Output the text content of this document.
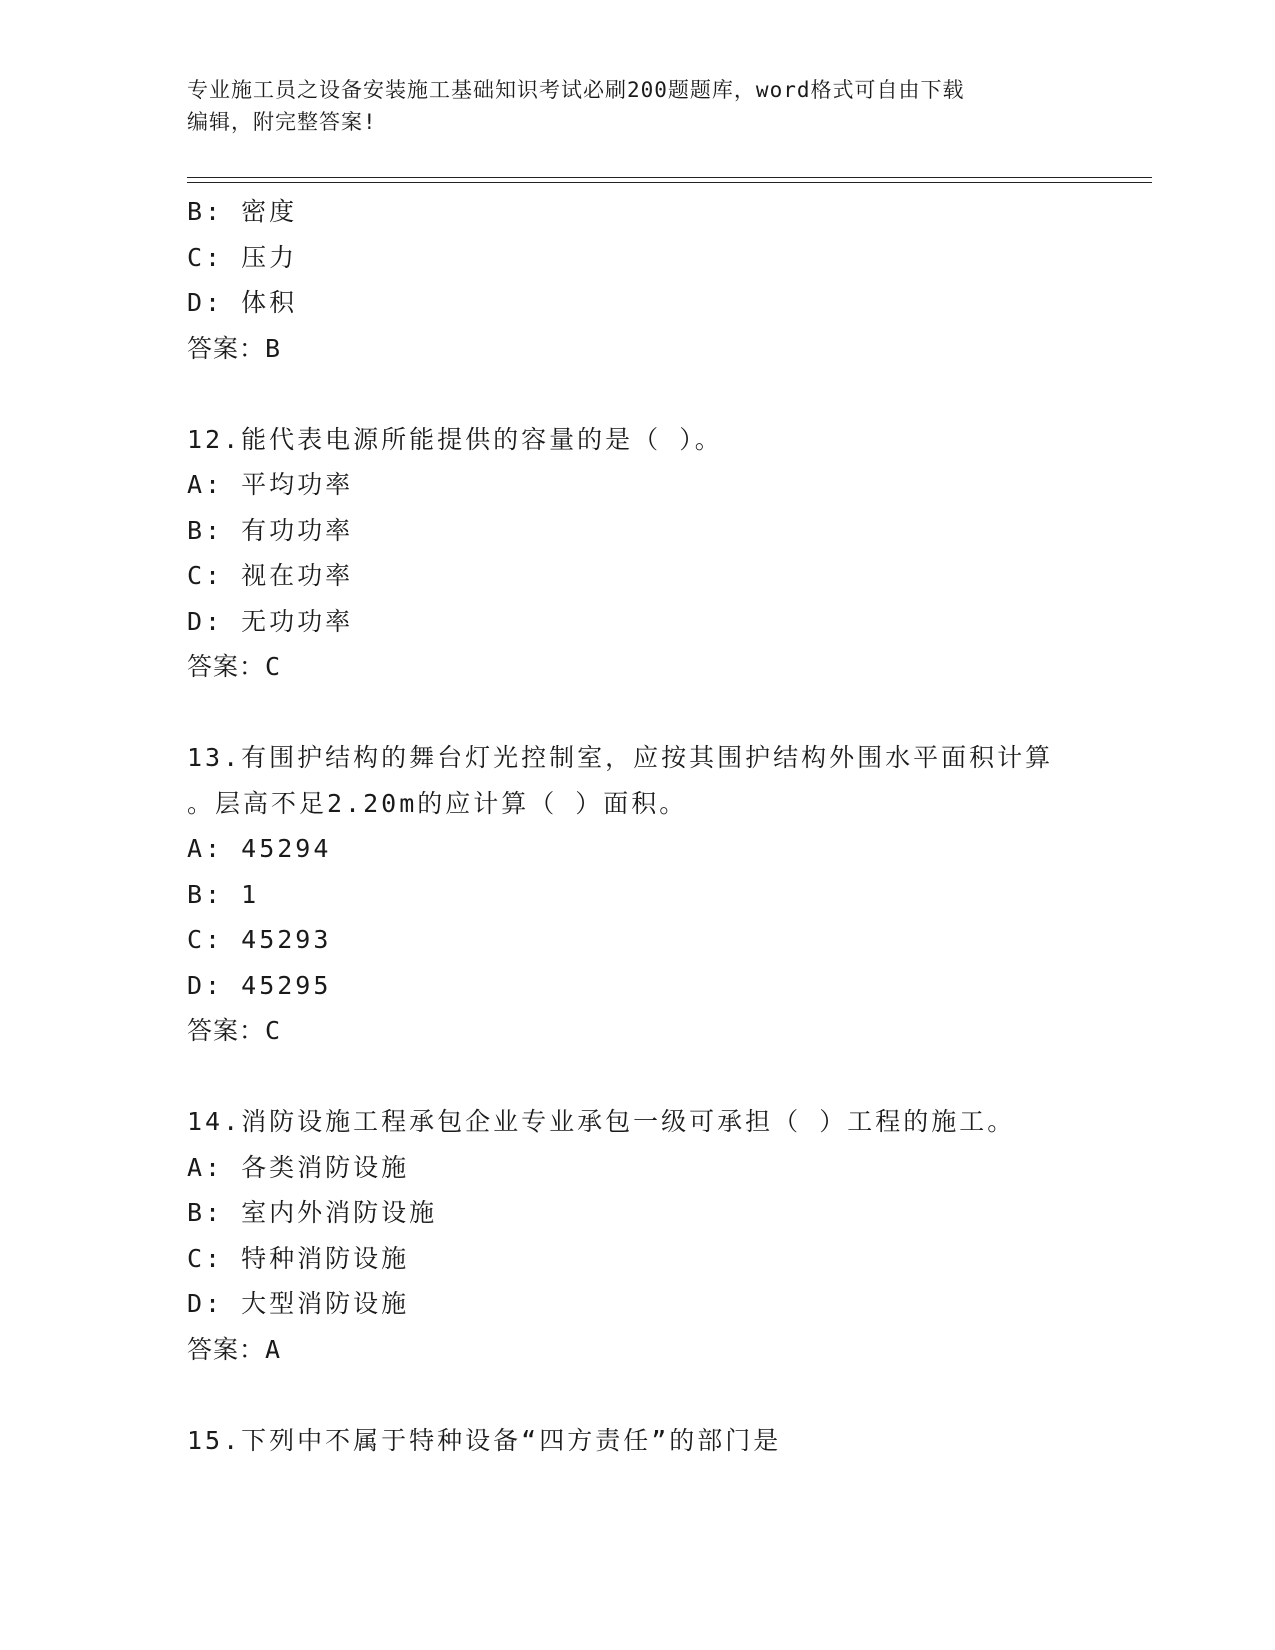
专业施工员之设备安装施工基础知识考试必刷200题题库，word格式可自由下载
编辑，附完整答案!
B: 密度
C: 压力
D: 体积
答案：B
12.能代表电源所能提供的容量的是（ ）。
A: 平均功率
B: 有功功率
C: 视在功率
D: 无功功率
答案：C
13.有围护结构的舞台灯光控制室，应按其围护结构外围水平面积计算
。层高不足2.20m的应计算（ ）面积。
A: 45294
B: 1
C: 45293
D: 45295
答案：C
14.消防设施工程承包企业专业承包一级可承担（ ）工程的施工。
A: 各类消防设施
B: 室内外消防设施
C: 特种消防设施
D: 大型消防设施
答案：A
15.下列中不属于特种设备“四方责任”的部门是
